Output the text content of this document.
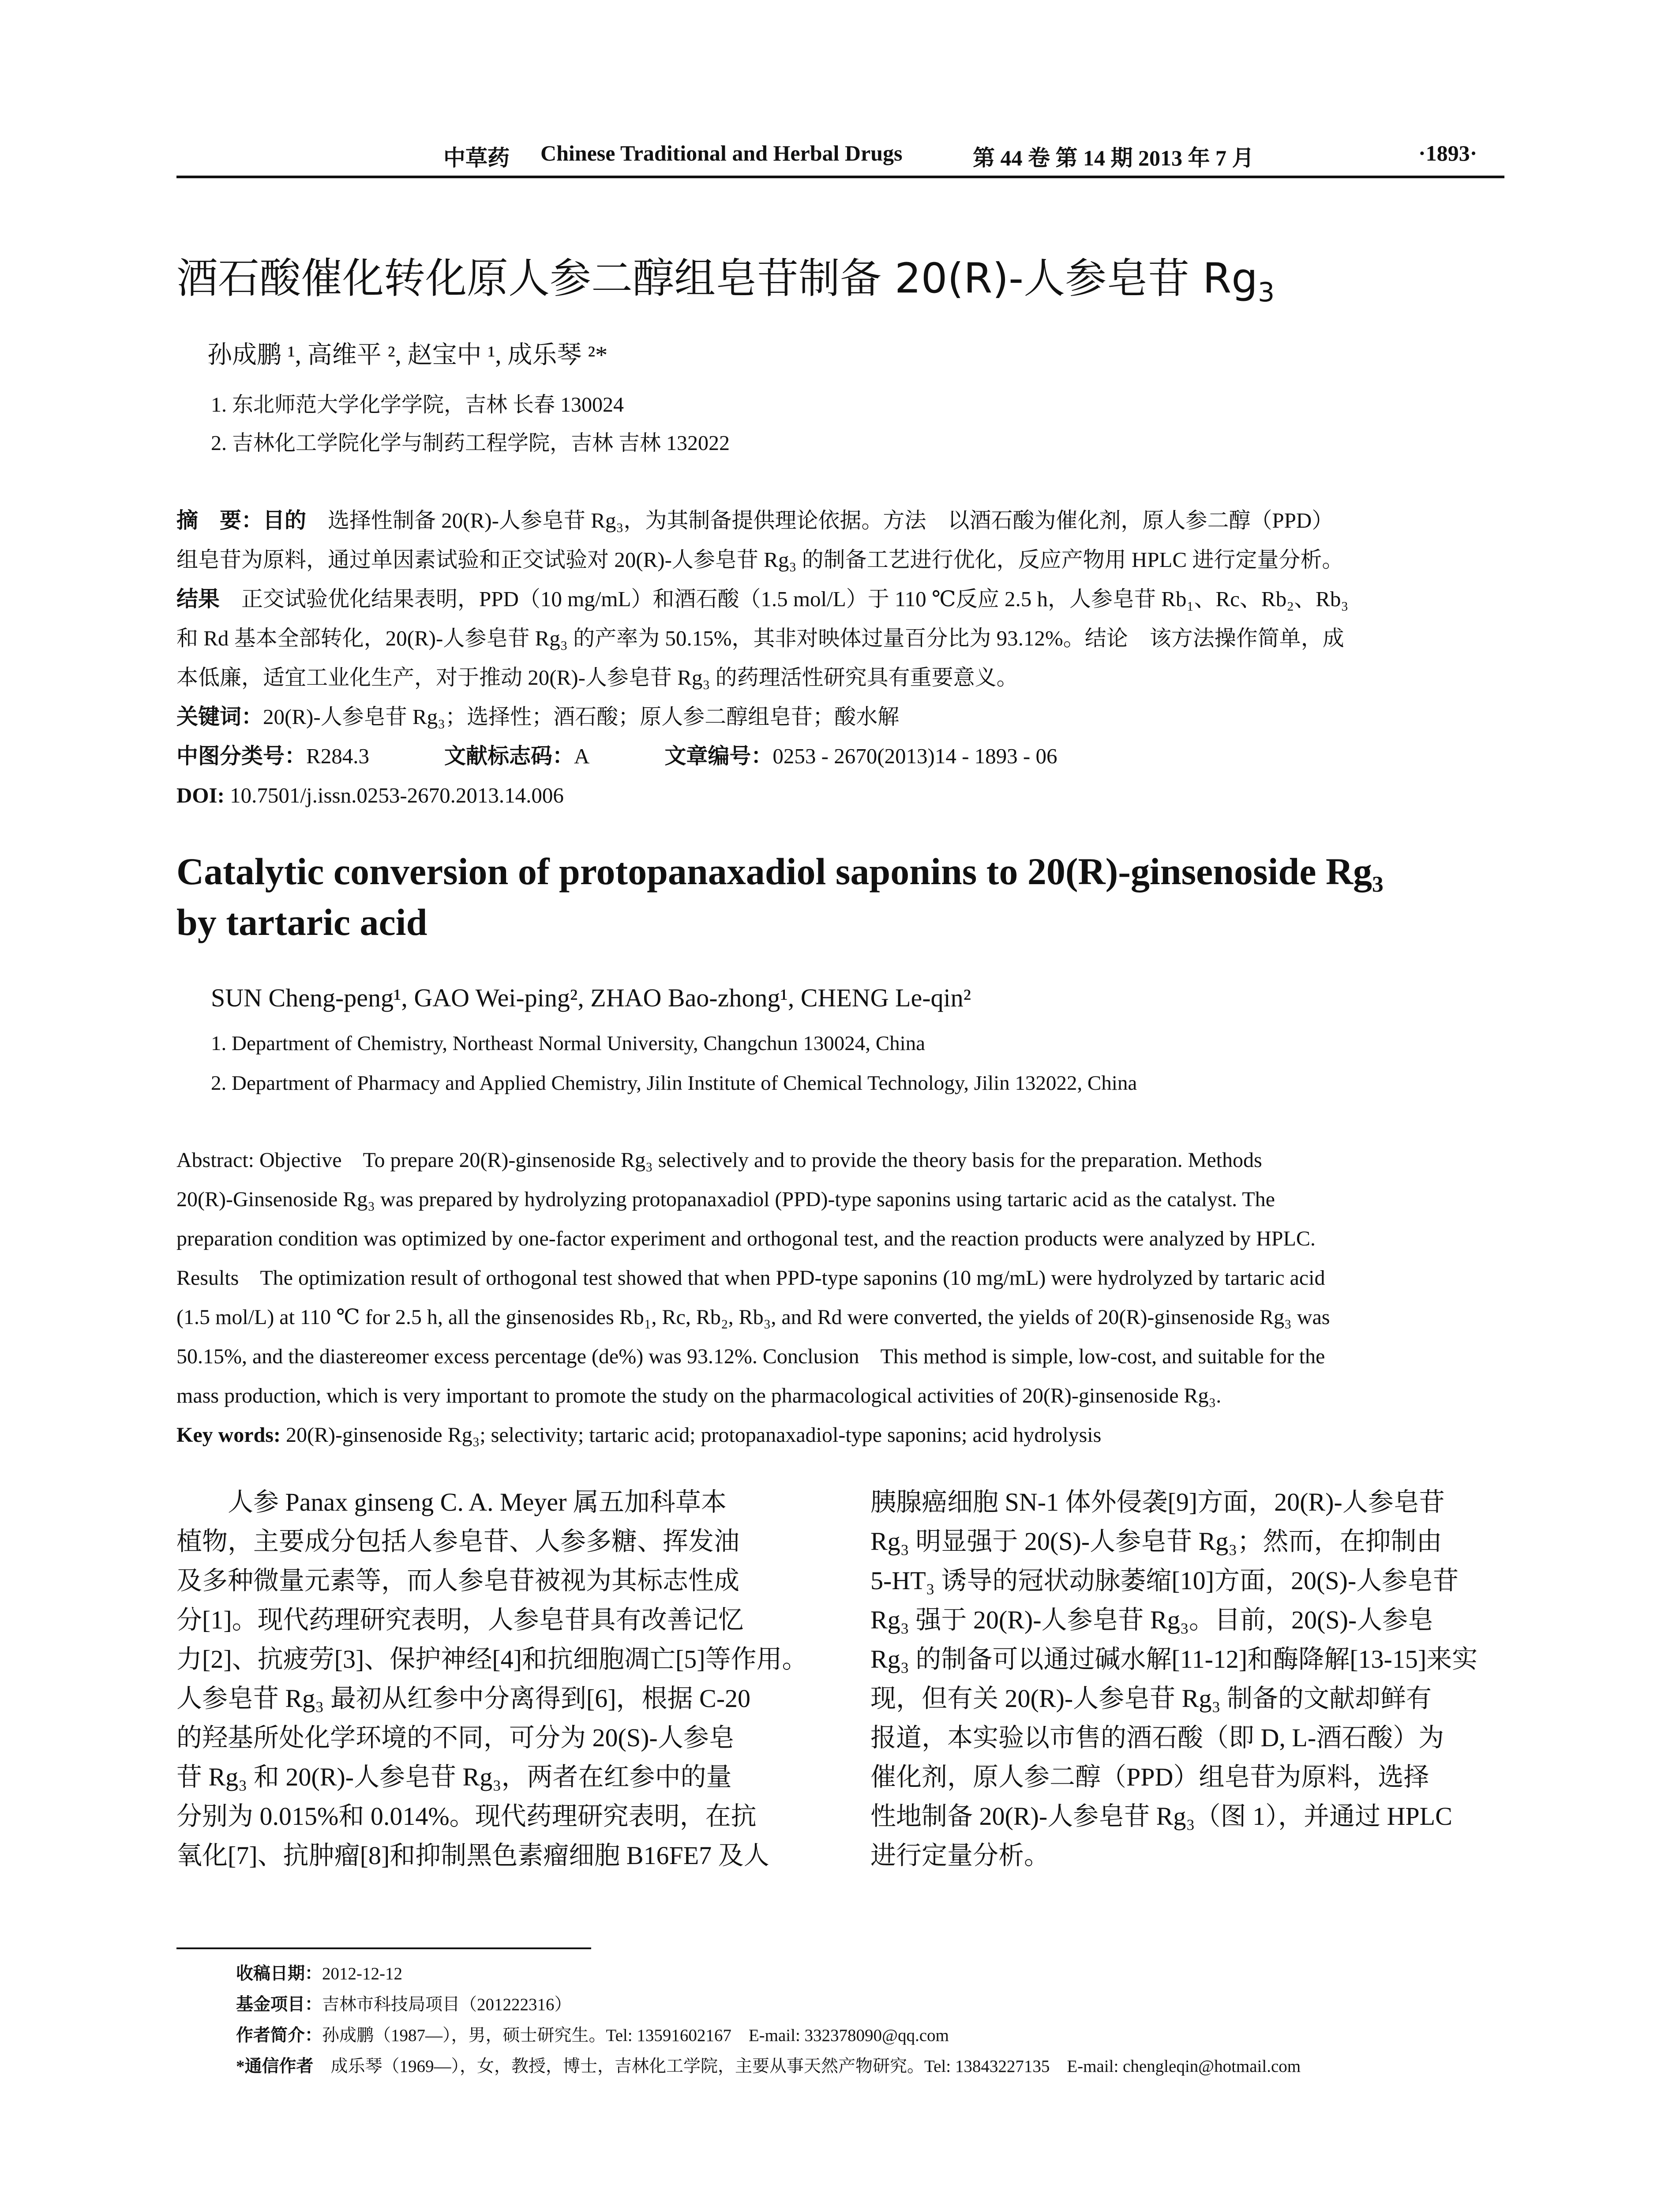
中草药 Chinese Traditional and Herbal Drugs	第 44 卷 第 14 期 2013 年 7 月	·1893·
酒石酸催化转化原人参二醇组皂苷制备 20(R)-人参皂苷 $Rg_3$
孙成鹏 ¹, 高维平 ², 赵宝中 ¹, 成乐琴 ²*
1. 东北师范大学化学学院，吉林 长春 130024
2. 吉林化工学院化学与制药工程学院，吉林 吉林 132022
摘　要：目的　选择性制备 20(R)-人参皂苷 Rg₃，为其制备提供理论依据。方法　以酒石酸为催化剂，原人参二醇（PPD）
组皂苷为原料，通过单因素试验和正交试验对 20(R)-人参皂苷 Rg₃ 的制备工艺进行优化，反应产物用 HPLC 进行定量分析。
结果　正交试验优化结果表明，PPD（10 mg/mL）和酒石酸（1.5 mol/L）于 110 ℃反应 2.5 h，人参皂苷 Rb₁、Rc、Rb₂、Rb₃
和 Rd 基本全部转化，20(R)-人参皂苷 Rg₃ 的产率为 50.15%，其非对映体过量百分比为 93.12%。结论　该方法操作简单，成
本低廉，适宜工业化生产，对于推动 20(R)-人参皂苷 Rg₃ 的药理活性研究具有重要意义。
关键词：20(R)-人参皂苷 Rg₃；选择性；酒石酸；原人参二醇组皂苷；酸水解
中图分类号：R284.3	文献标志码：A	文章编号：0253 - 2670(2013)14 - 1893 - 06
DOI: 10.7501/j.issn.0253-2670.2013.14.006
Catalytic conversion of protopanaxadiol saponins to 20(R)-ginsenoside Rg₃
by tartaric acid
SUN Cheng-peng¹, GAO Wei-ping², ZHAO Bao-zhong¹, CHENG Le-qin²
1. Department of Chemistry, Northeast Normal University, Changchun 130024, China
2. Department of Pharmacy and Applied Chemistry, Jilin Institute of Chemical Technology, Jilin 132022, China
Abstract: Objective　To prepare 20(R)-ginsenoside Rg₃ selectively and to provide the theory basis for the preparation. Methods
20(R)-Ginsenoside Rg₃ was prepared by hydrolyzing protopanaxadiol (PPD)-type saponins using tartaric acid as the catalyst. The
preparation condition was optimized by one-factor experiment and orthogonal test, and the reaction products were analyzed by HPLC.
Results　The optimization result of orthogonal test showed that when PPD-type saponins (10 mg/mL) were hydrolyzed by tartaric acid
(1.5 mol/L) at 110 ℃ for 2.5 h, all the ginsenosides Rb₁, Rc, Rb₂, Rb₃, and Rd were converted, the yields of 20(R)-ginsenoside Rg₃ was
50.15%, and the diastereomer excess percentage (de%) was 93.12%. Conclusion　This method is simple, low-cost, and suitable for the
mass production, which is very important to promote the study on the pharmacological activities of 20(R)-ginsenoside Rg₃.
Key words: 20(R)-ginsenoside Rg₃; selectivity; tartaric acid; protopanaxadiol-type saponins; acid hydrolysis
　　人参 Panax ginseng C. A. Meyer 属五加科草本
植物，主要成分包括人参皂苷、人参多糖、挥发油
及多种微量元素等，而人参皂苷被视为其标志性成
分[1]。现代药理研究表明，人参皂苷具有改善记忆
力[2]、抗疲劳[3]、保护神经[4]和抗细胞凋亡[5]等作用。
人参皂苷 Rg₃ 最初从红参中分离得到[6]，根据 C-20
的羟基所处化学环境的不同，可分为 20(S)-人参皂
苷 Rg₃ 和 20(R)-人参皂苷 Rg₃，两者在红参中的量
分别为 0.015%和 0.014%。现代药理研究表明，在抗
氧化[7]、抗肿瘤[8]和抑制黑色素瘤细胞 B16FE7 及人
胰腺癌细胞 SN-1 体外侵袭[9]方面，20(R)-人参皂苷
Rg₃ 明显强于 20(S)-人参皂苷 Rg₃；然而，在抑制由
5-HT₃ 诱导的冠状动脉萎缩[10]方面，20(S)-人参皂苷
Rg₃ 强于 20(R)-人参皂苷 Rg₃。目前，20(S)-人参皂
Rg₃ 的制备可以通过碱水解[11-12]和酶降解[13-15]来实
现，但有关 20(R)-人参皂苷 Rg₃ 制备的文献却鲜有
报道，本实验以市售的酒石酸（即 D, L-酒石酸）为
催化剂，原人参二醇（PPD）组皂苷为原料，选择
性地制备 20(R)-人参皂苷 Rg₃（图 1），并通过 HPLC
进行定量分析。
收稿日期：2012-12-12
基金项目：吉林市科技局项目（201222316）
作者简介：孙成鹏（1987—），男，硕士研究生。Tel: 13591602167　E-mail: 332378090@qq.com
*通信作者　成乐琴（1969—），女，教授，博士，吉林化工学院，主要从事天然产物研究。Tel: 13843227135　E-mail: chengleqin@hotmail.com
